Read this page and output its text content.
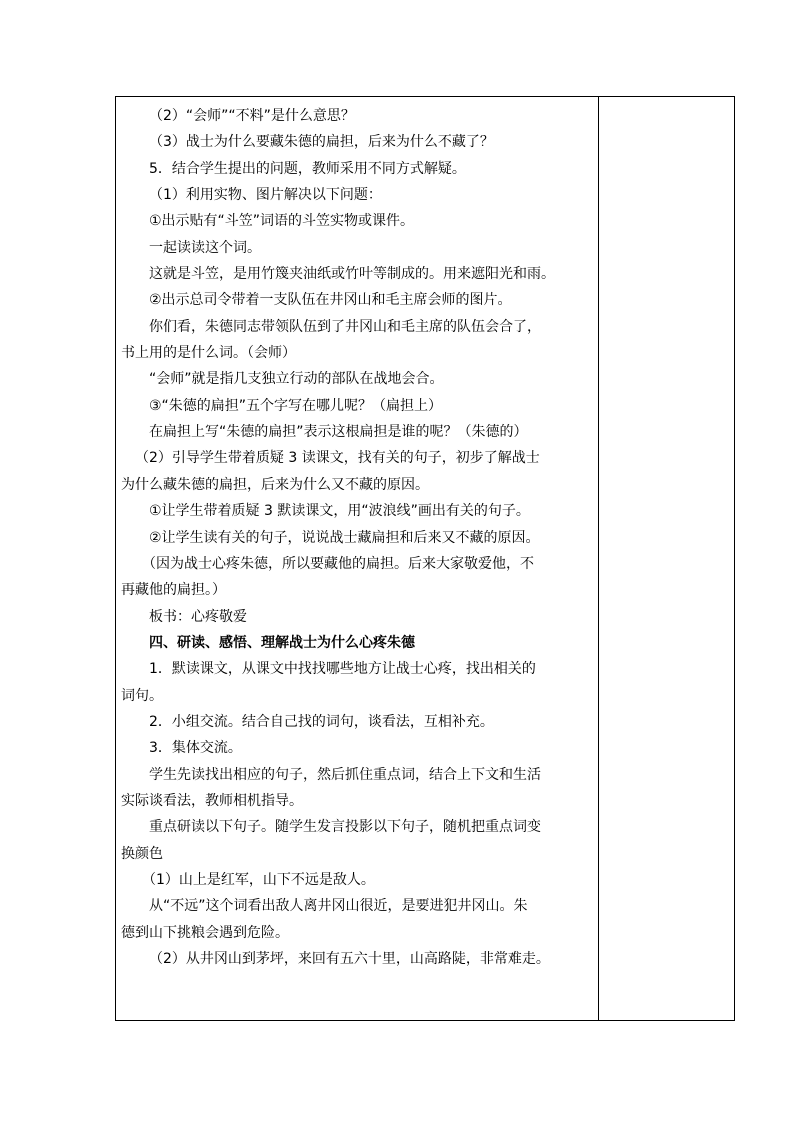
（2）“会师”“不料”是什么意思？
（3）战士为什么要藏朱德的扁担，后来为什么不藏了？
5．结合学生提出的问题，教师采用不同方式解疑。
（1）利用实物、图片解决以下问题：
①出示贴有“斗笠”词语的斗笠实物或课件。
一起读读这个词。
这就是斗笠，是用竹篾夹油纸或竹叶等制成的。用来遮阳光和雨。
②出示总司令带着一支队伍在井冈山和毛主席会师的图片。
你们看，朱德同志带领队伍到了井冈山和毛主席的队伍会合了，
书上用的是什么词。（会师）
“会师”就是指几支独立行动的部队在战地会合。
③“朱德的扁担”五个字写在哪儿呢？（扁担上）
在扁担上写“朱德的扁担”表示这根扁担是谁的呢？（朱德的）
（2）引导学生带着质疑 3 读课文，找有关的句子，初步了解战士
为什么藏朱德的扁担，后来为什么又不藏的原因。
①让学生带着质疑 3 默读课文，用“波浪线”画出有关的句子。
②让学生读有关的句子，说说战士藏扁担和后来又不藏的原因。
（因为战士心疼朱德，所以要藏他的扁担。后来大家敬爱他，不
再藏他的扁担。）
板书：心疼敬爱
四、研读、感悟、理解战士为什么心疼朱德
1．默读课文，从课文中找找哪些地方让战士心疼，找出相关的
词句。
2．小组交流。结合自己找的词句，谈看法，互相补充。
3．集体交流。
学生先读找出相应的句子，然后抓住重点词，结合上下文和生活
实际谈看法，教师相机指导。
重点研读以下句子。随学生发言投影以下句子，随机把重点词变
换颜色
（1）山上是红军，山下不远是敌人。
从“不远”这个词看出敌人离井冈山很近，是要进犯井冈山。朱
德到山下挑粮会遇到危险。
（2）从井冈山到茅坪，来回有五六十里，山高路陡，非常难走。
